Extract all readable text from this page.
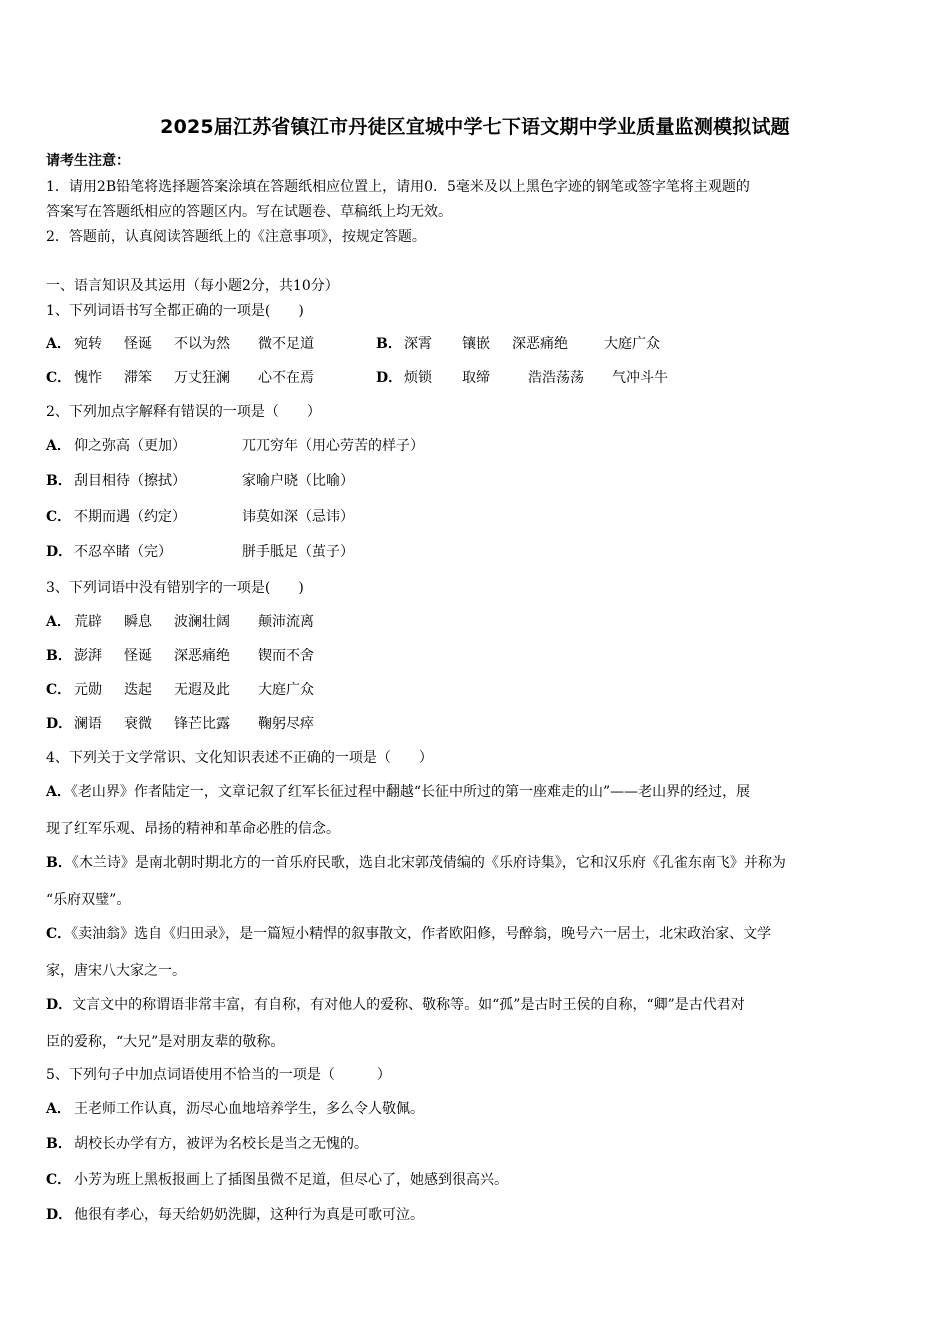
2025届江苏省镇江市丹徒区宜城中学七下语文期中学业质量监测模拟试题
请考生注意：
1．请用2B铅笔将选择题答案涂填在答题纸相应位置上，请用0．5毫米及以上黑色字迹的钢笔或签字笔将主观题的
答案写在答题纸相应的答题区内。写在试题卷、草稿纸上均无效。
2．答题前，认真阅读答题纸上的《注意事项》，按规定答题。
一、语言知识及其运用（每小题2分，共10分）
1、下列词语书写全都正确的一项是(　　)
A． 宛转 怪诞 不以为然 微不足道	B． 深霄 镶嵌 深恶痛绝	大庭广众
C． 愧怍 滞笨 万丈狂澜 心不在焉	D． 烦锁 取缔	浩浩荡荡 气冲斗牛
2、下列加点字解释有错误的一项是（　　）
A． 仰之弥高（更加）	兀兀穷年（用心劳苦的样子）
B． 刮目相待（擦拭）	家喻户晓（比喻）
C． 不期而遇（约定）	讳莫如深（忌讳）
D． 不忍卒睹（完）	胼手胝足（茧子）
3、下列词语中没有错别字的一项是(　　)
A． 荒辟 瞬息 波澜壮阔 颠沛流离
B． 澎湃 怪诞 深恶痛绝 锲而不舍
C． 元勋 迭起 无遐及此 大庭广众
D． 澜语 衰微 锋芒比露 鞠躬尽瘁
4、下列关于文学常识、文化知识表述不正确的一项是（　　）
A．《老山界》作者陆定一，文章记叙了红军长征过程中翻越“长征中所过的第一座难走的山”——老山界的经过，展
现了红军乐观、昂扬的精神和革命必胜的信念。
B．《木兰诗》是南北朝时期北方的一首乐府民歌，选自北宋郭茂倩编的《乐府诗集》，它和汉乐府《孔雀东南飞》并称为
“乐府双璧”。
C．《卖油翁》选自《归田录》，是一篇短小精悍的叙事散文，作者欧阳修，号醉翁，晚号六一居士，北宋政治家、文学
家，唐宋八大家之一。
D．文言文中的称谓语非常丰富，有自称，有对他人的爱称、敬称等。如“孤”是古时王侯的自称，“卿”是古代君对
臣的爱称，“大兄”是对朋友辈的敬称。
5、下列句子中加点词语使用不恰当的一项是（　　　）
A． 王老师工作认真，沥尽心血地培养学生，多么令人敬佩。
B． 胡校长办学有方，被评为名校长是当之无愧的。
C． 小芳为班上黑板报画上了插图虽微不足道，但尽心了，她感到很高兴。
D． 他很有孝心，每天给奶奶洗脚，这种行为真是可歌可泣。
